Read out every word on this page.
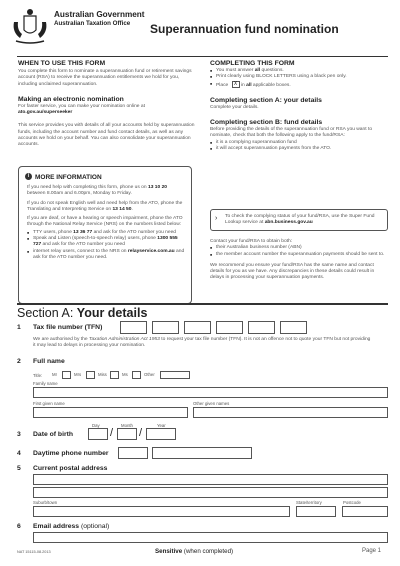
Australian Government
Australian Taxation Office Superannuation fund nomination
WHEN TO USE THIS FORM
You complete this form to nominate a superannuation fund or retirement savings account (RSA) to receive the superannuation entitlements we hold for you, including unclaimed superannuation.
Making an electronic nomination
For faster service, you can make your nomination online at
ato.gov.au/superseeker
This service provides you with details of all your accounts held by superannuation funds, including the account number and fund contact details, as well as any accounts we hold on your behalf. You can also consolidate your superannuation accounts.
i MORE INFORMATION
If you need help with completing this form, phone us on 13 10 20 between 8.00am and 6.00pm, Monday to Friday.
If you do not speak English well and need help from the ATO, phone the Translating and Interpreting Service on 13 14 50.
If you are deaf, or have a hearing or speech impairment, phone the ATO through the National Relay Service (NRS) on the numbers listed below:
■ TTY users, phone 13 36 77 and ask for the ATO number you need
■ Speak and Listen (speech-to-speech relay) users, phone 1300 555 727 and ask for the ATO number you need
■ internet relay users, connect to the NRS on relayservice.com.au and ask for the ATO number you need.
COMPLETING THIS FORM
■ You must answer all questions.
■ Print clearly using BLOCK LETTERS using a black pen only.
■ Place X in all applicable boxes.
Completing section A: your details
Complete your details.
Completing section B: fund details
Before providing the details of the superannuation fund or RSA you want to nominate, check that both the following apply to the fund/RSA:
■ it is a complying superannuation fund
■ it will accept superannuation payments from the ATO.
› To check the complying status of your fund/RSA, use the Super Fund Lookup service at abn.business.gov.au
Contact your fund/RSA to obtain both:
■ their Australian business number (ABN)
■ the member account number the superannuation payments should be sent to.
We recommend you ensure your fund/RSA has the same name and contact details for you as we have. Any discrepancies in these details could result in delays in processing your superannuation payments.
Section A: Your details
1 Tax file number (TFN)
We are authorised by the Taxation Administration Act 1953 to request your tax file number (TFN). It is not an offence not to quote your TFN but not providing it may lead to delays in processing your nomination.
2 Full name
Title: Mr	Mrs	Miss	Ms	Other
Family name
First given name	Other given names
3 Date of birth
Day	Month	Year
/ /
4 Daytime phone number
5 Current postal address
Suburb/town	State/territory	Postcode
6 Email address (optional)
NAT 15115-08.2013	Sensitive (when completed)	Page 1
